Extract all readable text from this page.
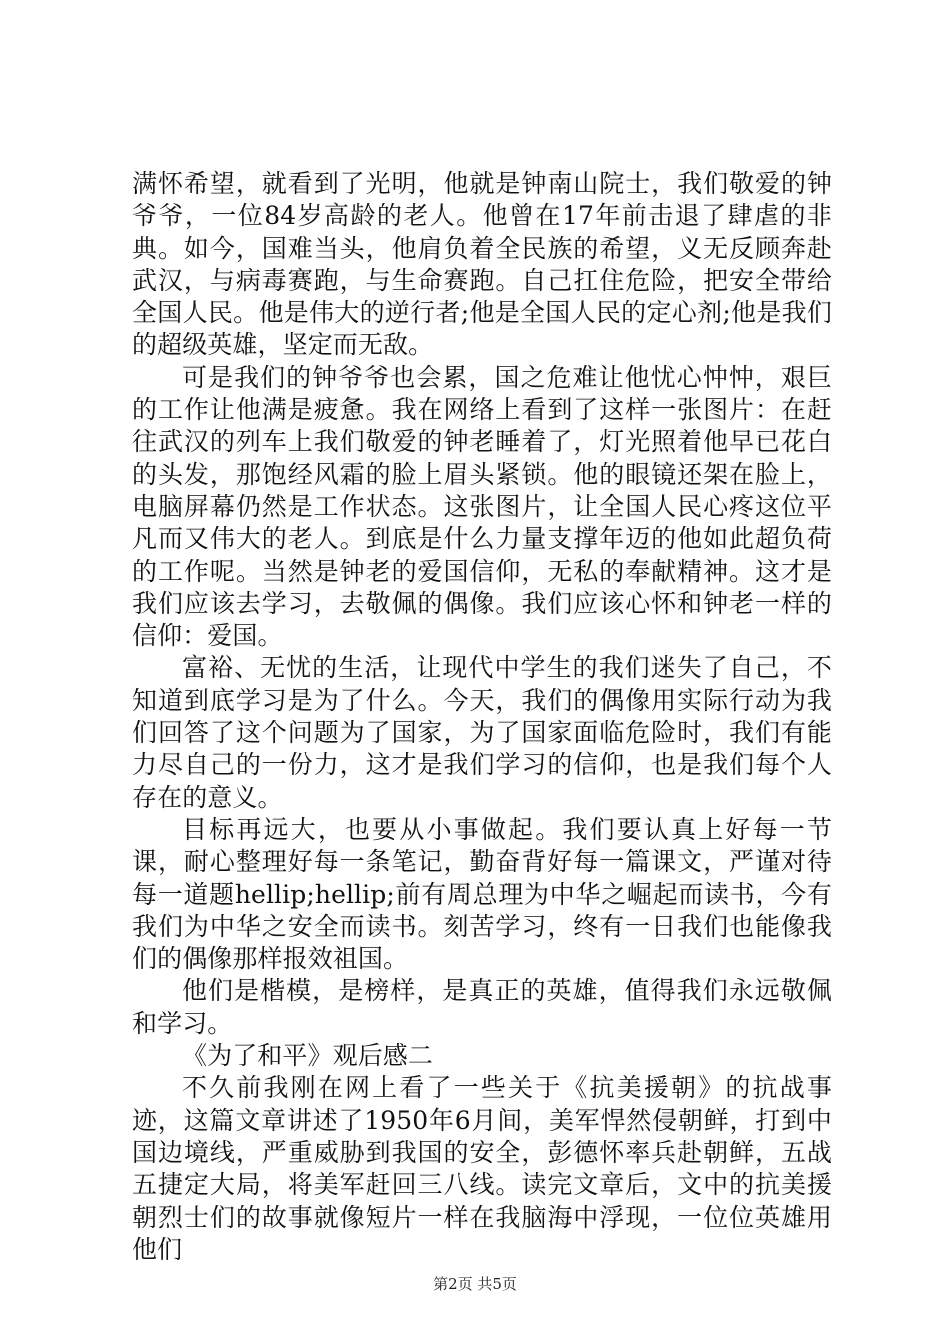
满怀希望，就看到了光明，他就是钟南山院士，我们敬爱的钟爷爷，一位84岁高龄的老人。他曾在17年前击退了肆虐的非典。如今，国难当头，他肩负着全民族的希望，义无反顾奔赴武汉，与病毒赛跑，与生命赛跑。自己扛住危险，把安全带给全国人民。他是伟大的逆行者;他是全国人民的定心剂;他是我们的超级英雄，坚定而无敌。

可是我们的钟爷爷也会累，国之危难让他忧心忡忡，艰巨的工作让他满是疲惫。我在网络上看到了这样一张图片：在赶往武汉的列车上我们敬爱的钟老睡着了，灯光照着他早已花白的头发，那饱经风霜的脸上眉头紧锁。他的眼镜还架在脸上，电脑屏幕仍然是工作状态。这张图片，让全国人民心疼这位平凡而又伟大的老人。到底是什么力量支撑年迈的他如此超负荷的工作呢。当然是钟老的爱国信仰，无私的奉献精神。这才是我们应该去学习，去敬佩的偶像。我们应该心怀和钟老一样的信仰：爱国。

富裕、无忧的生活，让现代中学生的我们迷失了自己，不知道到底学习是为了什么。今天，我们的偶像用实际行动为我们回答了这个问题为了国家，为了国家面临危险时，我们有能力尽自己的一份力，这才是我们学习的信仰，也是我们每个人存在的意义。

目标再远大，也要从小事做起。我们要认真上好每一节课，耐心整理好每一条笔记，勤奋背好每一篇课文，严谨对待每一道题hellip;hellip;前有周总理为中华之崛起而读书，今有我们为中华之安全而读书。刻苦学习，终有一日我们也能像我们的偶像那样报效祖国。

他们是楷模，是榜样，是真正的英雄，值得我们永远敬佩和学习。

《为了和平》观后感二

不久前我刚在网上看了一些关于《抗美援朝》的抗战事迹，这篇文章讲述了1950年6月间，美军悍然侵朝鲜，打到中国边境线，严重威胁到我国的安全，彭德怀率兵赴朝鲜，五战五捷定大局，将美军赶回三八线。读完文章后，文中的抗美援朝烈士们的故事就像短片一样在我脑海中浮现，一位位英雄用他们

第2页 共5页
